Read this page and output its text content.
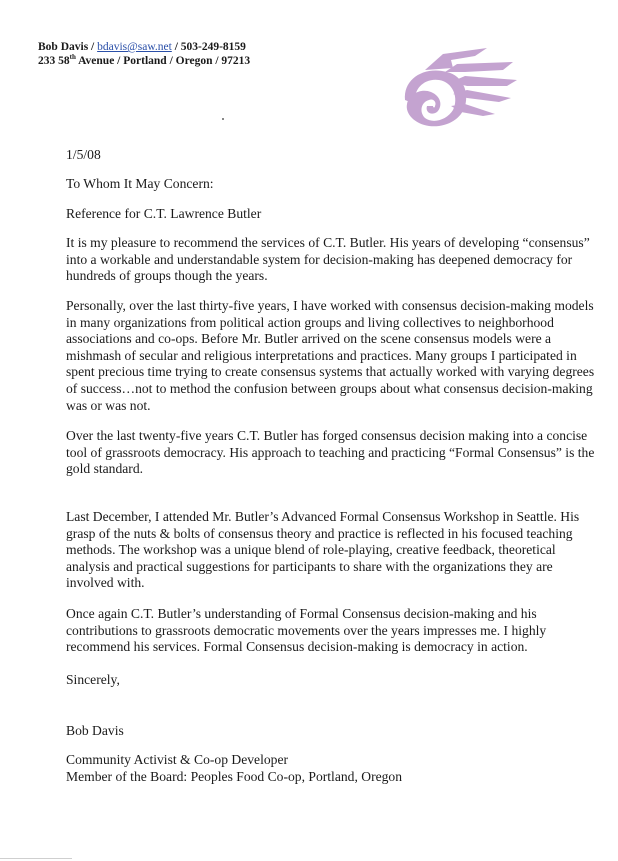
Bob Davis / bdavis@saw.net / 503-249-8159
233 58th Avenue / Portland / Oregon / 97213

1/5/08

To Whom It May Concern:

Reference for C.T. Lawrence Butler

It is my pleasure to recommend the services of C.T. Butler. His years of developing “consensus” into a workable and understandable system for decision-making has deepened democracy for hundreds of groups though the years.

Personally, over the last thirty-five years, I have worked with consensus decision-making models in many organizations from political action groups and living collectives to neighborhood associations and co-ops. Before Mr. Butler arrived on the scene consensus models were a mishmash of secular and religious interpretations and practices. Many groups I participated in spent precious time trying to create consensus systems that actually worked with varying degrees of success…not to method the confusion between groups about what consensus decision-making was or was not.

Over the last twenty-five years C.T. Butler has forged consensus decision making into a concise tool of grassroots democracy. His approach to teaching and practicing “Formal Consensus” is the gold standard.

Last December, I attended Mr. Butler’s Advanced Formal Consensus Workshop in Seattle. His grasp of the nuts & bolts of consensus theory and practice is reflected in his focused teaching methods. The workshop was a unique blend of role-playing, creative feedback, theoretical analysis and practical suggestions for participants to share with the organizations they are involved with.

Once again C.T. Butler’s understanding of Formal Consensus decision-making and his contributions to grassroots democratic movements over the years impresses me. I highly recommend his services. Formal Consensus decision-making is democracy in action.

Sincerely,

Bob Davis

Community Activist & Co-op Developer
Member of the Board: Peoples Food Co-op, Portland, Oregon
